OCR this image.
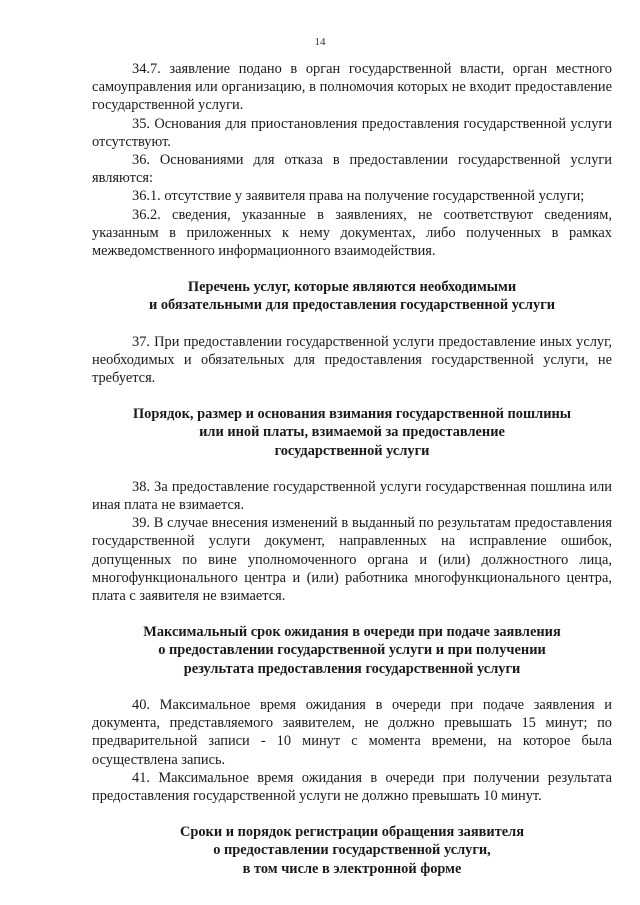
14

34.7. заявление подано в орган государственной власти, орган местного самоуправления или организацию, в полномочия которых не входит предоставление государственной услуги.

35. Основания для приостановления предоставления государственной услуги отсутствуют.

36. Основаниями для отказа в предоставлении государственной услуги являются:

36.1. отсутствие у заявителя права на получение государственной услуги;

36.2. сведения, указанные в заявлениях, не соответствуют сведениям, указанным в приложенных к нему документах, либо полученных в рамках межведомственного информационного взаимодействия.

Перечень услуг, которые являются необходимыми
и обязательными для предоставления государственной услуги

37. При предоставлении государственной услуги предоставление иных услуг, необходимых и обязательных для предоставления государственной услуги, не требуется.

Порядок, размер и основания взимания государственной пошлины
или иной платы, взимаемой за предоставление
государственной услуги

38. За предоставление государственной услуги государственная пошлина или иная плата не взимается.

39. В случае внесения изменений в выданный по результатам предоставления государственной услуги документ, направленных на исправление ошибок, допущенных по вине уполномоченного органа и (или) должностного лица, многофункционального центра и (или) работника многофункционального центра, плата с заявителя не взимается.

Максимальный срок ожидания в очереди при подаче заявления
о предоставлении государственной услуги и при получении
результата предоставления государственной услуги

40. Максимальное время ожидания в очереди при подаче заявления и документа, представляемого заявителем, не должно превышать 15 минут; по предварительной записи - 10 минут с момента времени, на которое была осуществлена запись.

41. Максимальное время ожидания в очереди при получении результата предоставления государственной услуги не должно превышать 10 минут.

Сроки и порядок регистрации обращения заявителя
о предоставлении государственной услуги,
в том числе в электронной форме
